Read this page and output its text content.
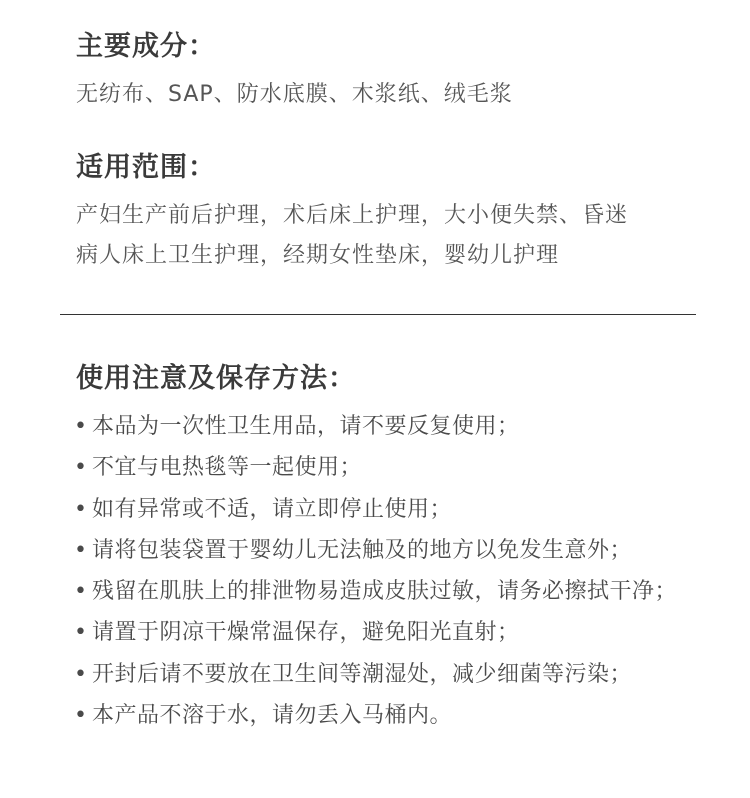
主要成分：
无纺布、SAP、防水底膜、木浆纸、绒毛浆
适用范围：
产妇生产前后护理，术后床上护理，大小便失禁、昏迷
病人床上卫生护理，经期女性垫床，婴幼儿护理
使用注意及保存方法：
• 本品为一次性卫生用品，请不要反复使用；
• 不宜与电热毯等一起使用；
• 如有异常或不适，请立即停止使用；
• 请将包装袋置于婴幼儿无法触及的地方以免发生意外；
• 残留在肌肤上的排泄物易造成皮肤过敏，请务必擦拭干净；
• 请置于阴凉干燥常温保存，避免阳光直射；
• 开封后请不要放在卫生间等潮湿处，减少细菌等污染；
• 本产品不溶于水，请勿丢入马桶内。
